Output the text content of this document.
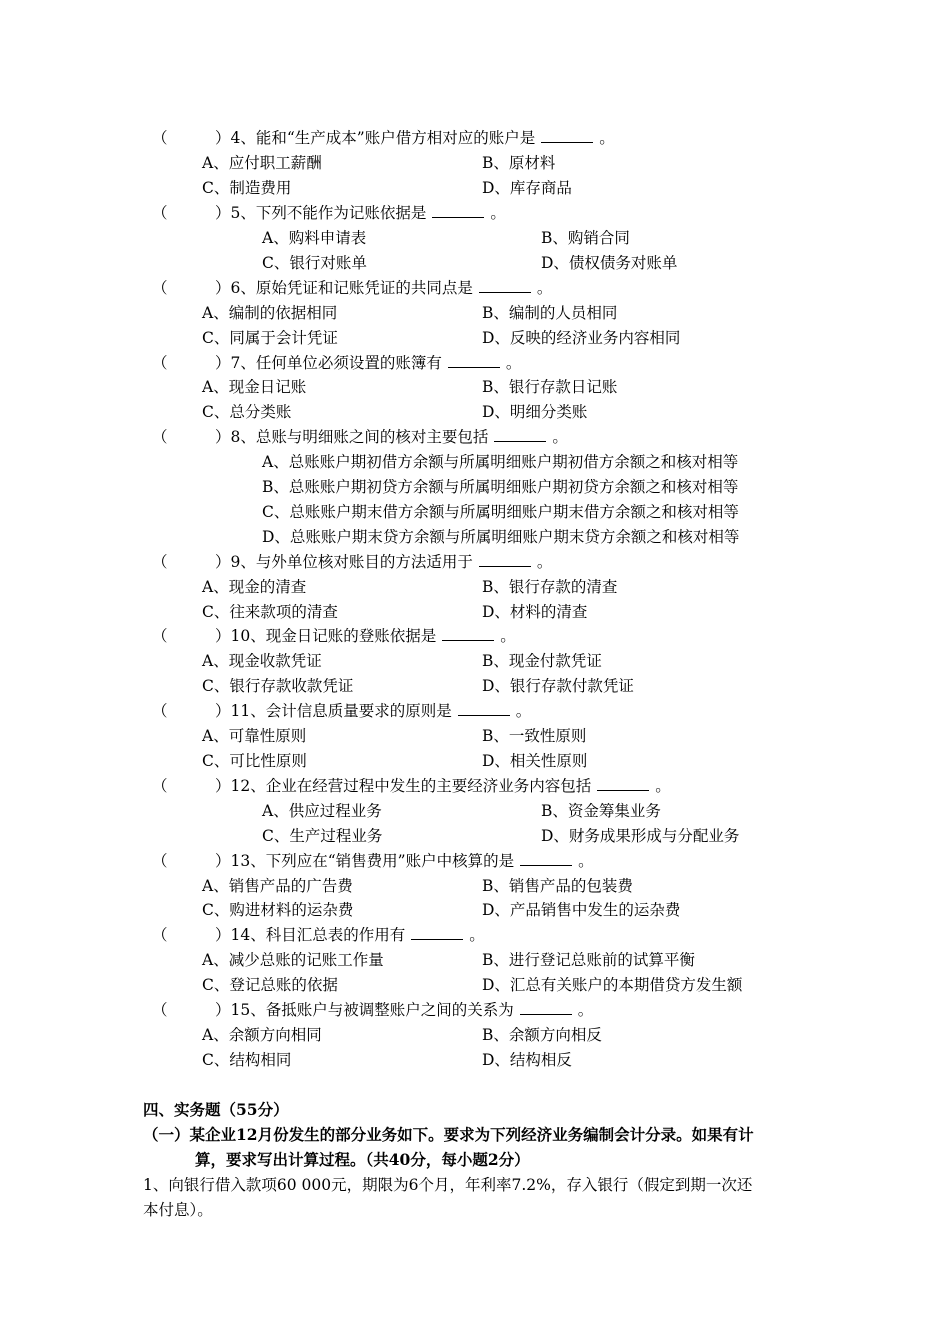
（	）4、能和“生产成本”账户借方相对应的账户是	。
A、应付职工薪酬	B、原材料
C、制造费用	D、库存商品
（	）5、下列不能作为记账依据是	。
A、购料申请表	B、购销合同
C、银行对账单	D、债权债务对账单
（	）6、原始凭证和记账凭证的共同点是	。
A、编制的依据相同	B、编制的人员相同
C、同属于会计凭证	D、反映的经济业务内容相同
（	）7、任何单位必须设置的账簿有	。
A、现金日记账	B、银行存款日记账
C、总分类账	D、明细分类账
（	）8、总账与明细账之间的核对主要包括	。
A、总账账户期初借方余额与所属明细账户期初借方余额之和核对相等
B、总账账户期初贷方余额与所属明细账户期初贷方余额之和核对相等
C、总账账户期末借方余额与所属明细账户期末借方余额之和核对相等
D、总账账户期末贷方余额与所属明细账户期末贷方余额之和核对相等
（	）9、与外单位核对账目的方法适用于	。
A、现金的清查	B、银行存款的清查
C、往来款项的清查	D、材料的清查
（	）10、现金日记账的登账依据是	。
A、现金收款凭证	B、现金付款凭证
C、银行存款收款凭证	D、银行存款付款凭证
（	）11、会计信息质量要求的原则是	。
A、可靠性原则	B、一致性原则
C、可比性原则	D、相关性原则
（	）12、企业在经营过程中发生的主要经济业务内容包括	。
A、供应过程业务	B、资金筹集业务
C、生产过程业务	D、财务成果形成与分配业务
（	）13、下列应在“销售费用”账户中核算的是	。
A、销售产品的广告费	B、销售产品的包装费
C、购进材料的运杂费	D、产品销售中发生的运杂费
（	）14、科目汇总表的作用有	。
A、减少总账的记账工作量	B、进行登记总账前的试算平衡
C、登记总账的依据	D、汇总有关账户的本期借贷方发生额
（	）15、备抵账户与被调整账户之间的关系为	。
A、余额方向相同	B、余额方向相反
C、结构相同	D、结构相反
四、实务题（55分）
（一）某企业12月份发生的部分业务如下。要求为下列经济业务编制会计分录。如果有计
算，要求写出计算过程。（共40分，每小题2分）
1、向银行借入款项60 000元，期限为6个月，年利率7.2%，存入银行（假定到期一次还
本付息）。
